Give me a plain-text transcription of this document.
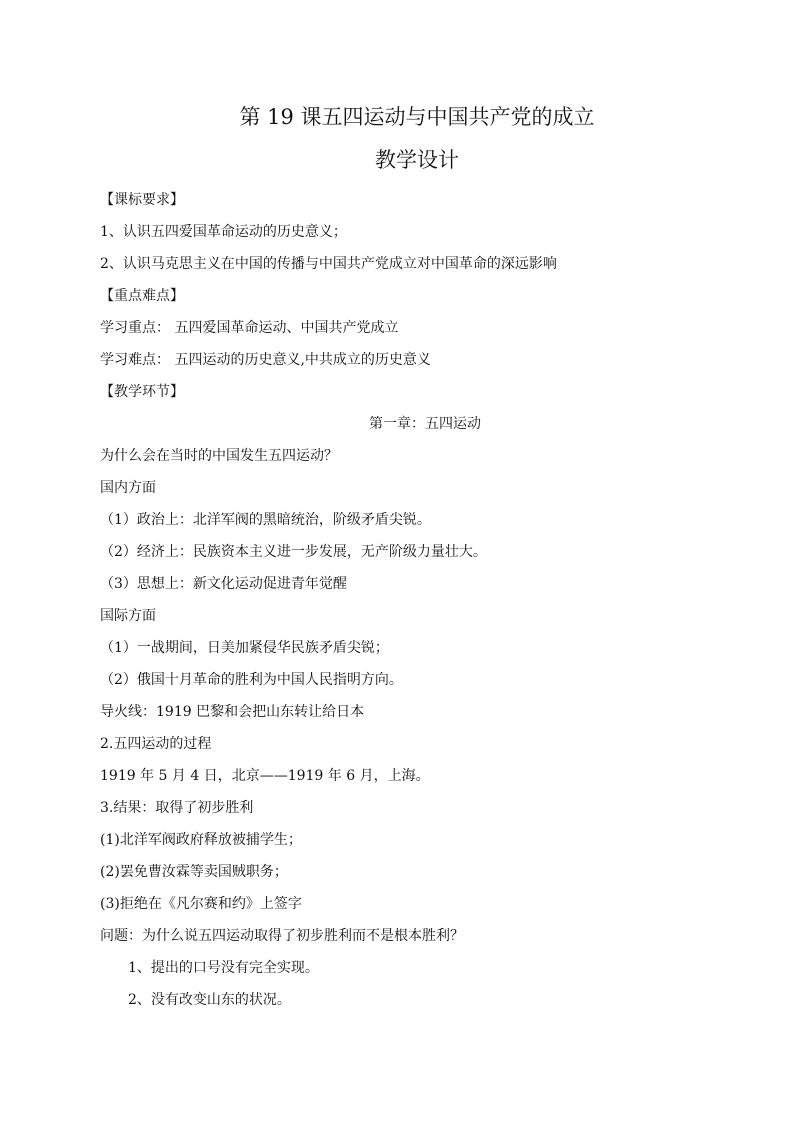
第 19 课五四运动与中国共产党的成立
教学设计
【课标要求】
1、认识五四爱国革命运动的历史意义；
2、认识马克思主义在中国的传播与中国共产党成立对中国革命的深远影响
【重点难点】
学习重点： 五四爱国革命运动、中国共产党成立
学习难点： 五四运动的历史意义,中共成立的历史意义
【教学环节】
第一章：五四运动
为什么会在当时的中国发生五四运动？
国内方面
（1）政治上：北洋军阀的黑暗统治，阶级矛盾尖锐。
（2）经济上：民族资本主义进一步发展，无产阶级力量壮大。
（3）思想上：新文化运动促进青年觉醒
国际方面
（1）一战期间，日美加紧侵华民族矛盾尖锐；
（2）俄国十月革命的胜利为中国人民指明方向。
导火线：1919 巴黎和会把山东转让给日本
2.五四运动的过程
1919 年 5 月 4 日，北京——1919 年 6 月，上海。
3.结果：取得了初步胜利
(1)北洋军阀政府释放被捕学生；
(2)罢免曹汝霖等卖国贼职务；
(3)拒绝在《凡尔赛和约》上签字
问题：为什么说五四运动取得了初步胜利而不是根本胜利？
1、提出的口号没有完全实现。
2、没有改变山东的状况。
